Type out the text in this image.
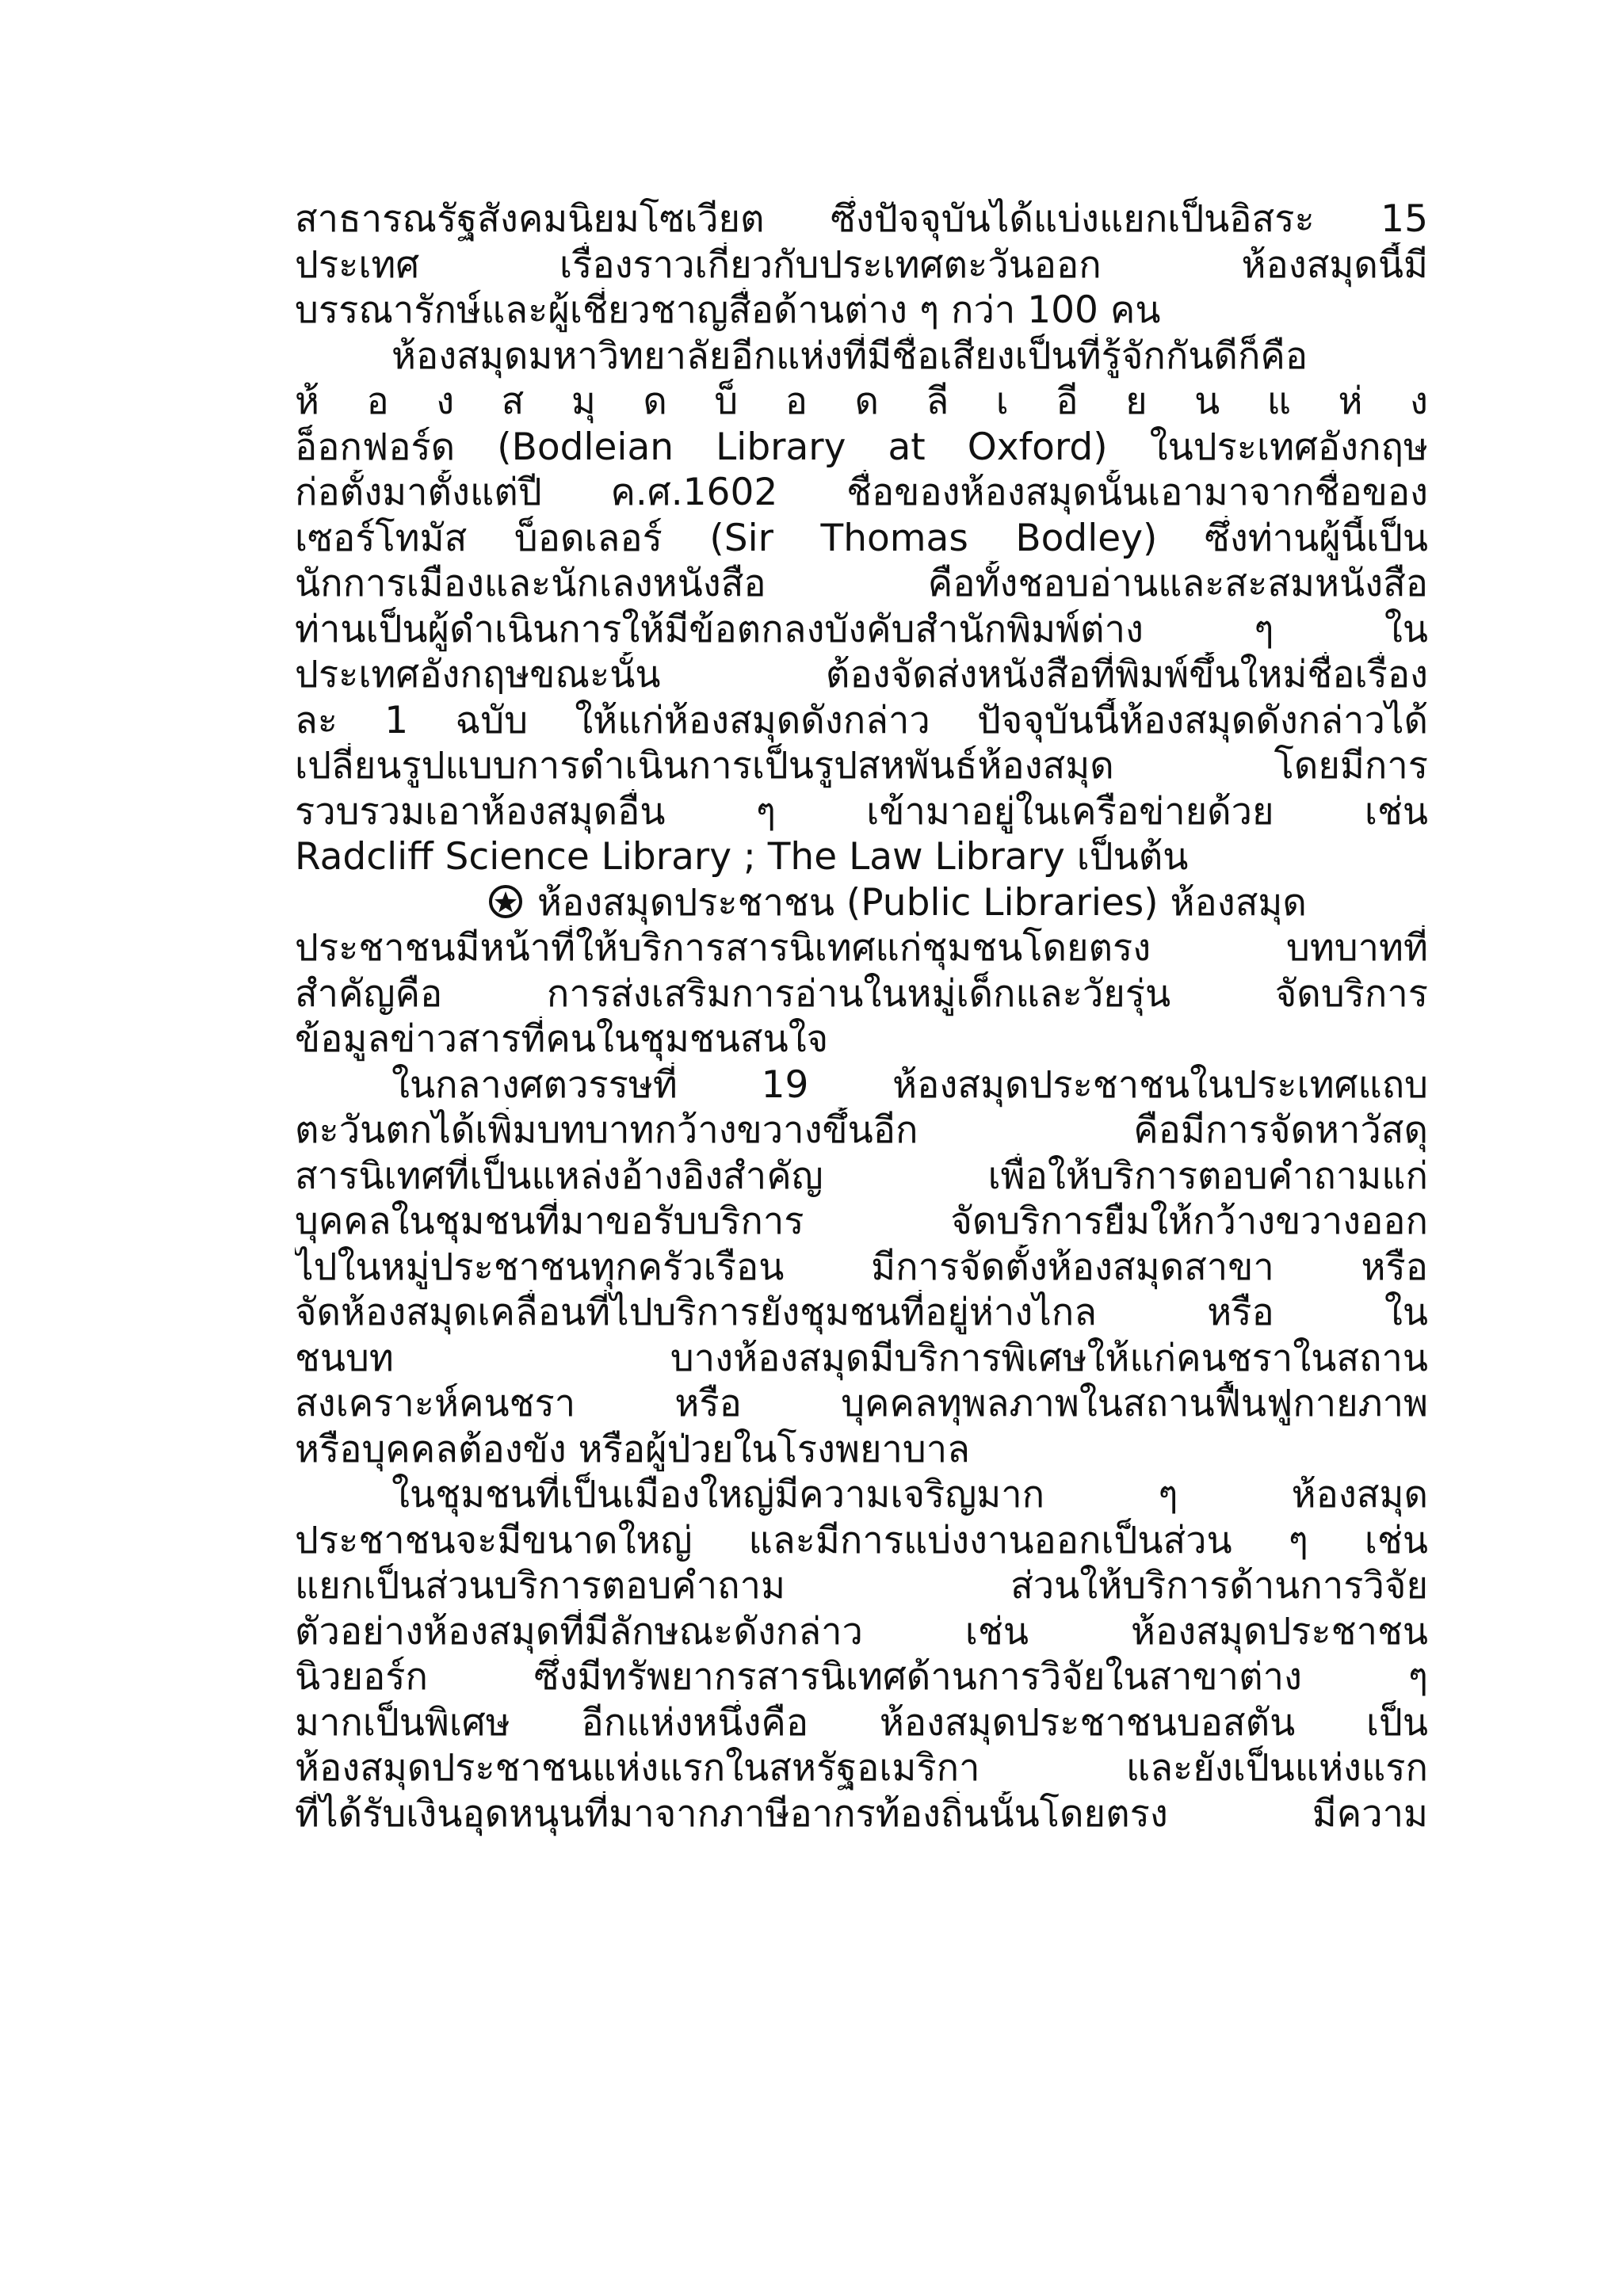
สาธารณรัฐสังคมนิยมโซเวียต ซึ่งปัจจุบันได้แบ่งแยกเป็นอิสระ 15
ประเทศ เรื่องราวเกี่ยวกับประเทศตะวันออก ห้องสมุดนี้มี
บรรณารักษ์และผู้เชี่ยวชาญสื่อด้านต่าง ๆ กว่า 100 คน
ห้องสมุดมหาวิทยาลัยอีกแห่งที่มีชื่อเสียงเป็นที่รู้จักกันดีก็คือ
ห้ อ ง ส มุ ด บ็ อ ด ลี เ อี ย น แ ห่ ง
อ็อกฟอร์ด (Bodleian Library at Oxford) ในประเทศอังกฤษ
ก่อตั้งมาตั้งแต่ปี ค.ศ.1602 ชื่อของห้องสมุดนั้นเอามาจากชื่อของ
เซอร์โทมัส บ็อดเลอร์ (Sir Thomas Bodley) ซึ่งท่านผู้นี้เป็น
นักการเมืองและนักเลงหนังสือ คือทั้งชอบอ่านและสะสมหนังสือ
ท่านเป็นผู้ดำเนินการให้มีข้อตกลงบังคับสำนักพิมพ์ต่าง ๆ ใน
ประเทศอังกฤษขณะนั้น ต้องจัดส่งหนังสือที่พิมพ์ขึ้นใหม่ชื่อเรื่อง
ละ 1 ฉบับ ให้แก่ห้องสมุดดังกล่าว ปัจจุบันนี้ห้องสมุดดังกล่าวได้
เปลี่ยนรูปแบบการดำเนินการเป็นรูปสหพันธ์ห้องสมุด โดยมีการ
รวบรวมเอาห้องสมุดอื่น ๆ เข้ามาอยู่ในเครือข่ายด้วย เช่น
Radcliff Science Library ; The Law Library เป็นต้น
ห้องสมุดประชาชน (Public Libraries) ห้องสมุด
ประชาชนมีหน้าที่ให้บริการสารนิเทศแก่ชุมชนโดยตรง บทบาทที่
สำคัญคือ การส่งเสริมการอ่านในหมู่เด็กและวัยรุ่น จัดบริการ
ข้อมูลข่าวสารที่คนในชุมชนสนใจ
ในกลางศตวรรษที่ 19 ห้องสมุดประชาชนในประเทศแถบ
ตะวันตกได้เพิ่มบทบาทกว้างขวางขึ้นอีก คือมีการจัดหาวัสดุ
สารนิเทศที่เป็นแหล่งอ้างอิงสำคัญ เพื่อให้บริการตอบคำถามแก่
บุคคลในชุมชนที่มาขอรับบริการ จัดบริการยืมให้กว้างขวางออก
ไปในหมู่ประชาชนทุกครัวเรือน มีการจัดตั้งห้องสมุดสาขา หรือ
จัดห้องสมุดเคลื่อนที่ไปบริการยังชุมชนที่อยู่ห่างไกล หรือ ใน
ชนบท บางห้องสมุดมีบริการพิเศษให้แก่คนชราในสถาน
สงเคราะห์คนชรา หรือ บุคคลทุพลภาพในสถานฟื้นฟูกายภาพ
หรือบุคคลต้องขัง หรือผู้ป่วยในโรงพยาบาล
ในชุมชนที่เป็นเมืองใหญ่มีความเจริญมาก ๆ ห้องสมุด
ประชาชนจะมีขนาดใหญ่ และมีการแบ่งงานออกเป็นส่วน ๆ เช่น
แยกเป็นส่วนบริการตอบคำถาม ส่วนให้บริการด้านการวิจัย
ตัวอย่างห้องสมุดที่มีลักษณะดังกล่าว เช่น ห้องสมุดประชาชน
นิวยอร์ก ซึ่งมีทรัพยากรสารนิเทศด้านการวิจัยในสาขาต่าง ๆ
มากเป็นพิเศษ อีกแห่งหนึ่งคือ ห้องสมุดประชาชนบอสตัน เป็น
ห้องสมุดประชาชนแห่งแรกในสหรัฐอเมริกา และยังเป็นแห่งแรก
ที่ได้รับเงินอุดหนุนที่มาจากภาษีอากรท้องถิ่นนั้นโดยตรง มีความ
